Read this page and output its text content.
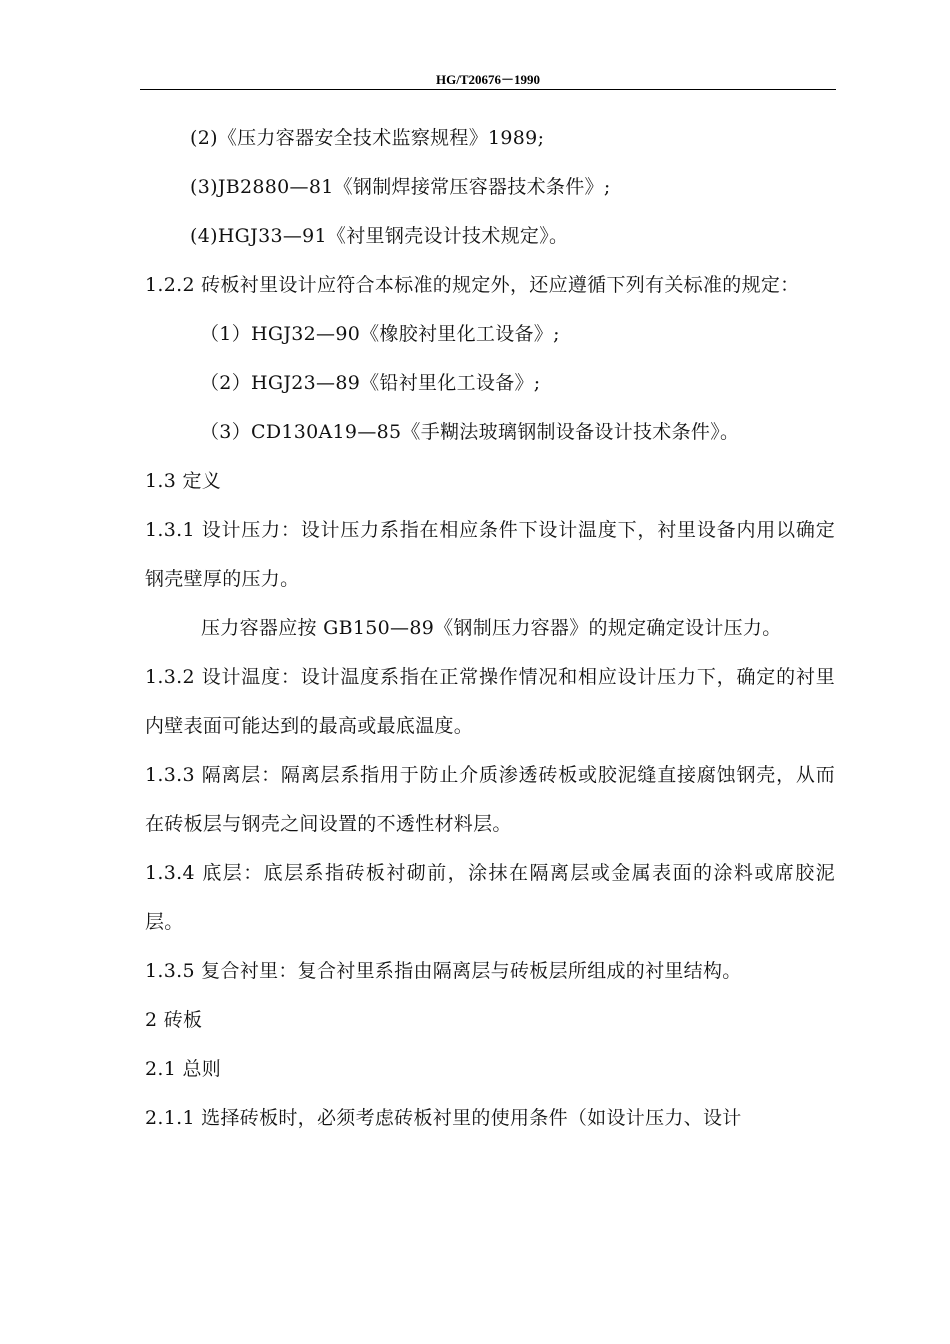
HG/T20676－1990
(2)《压力容器安全技术监察规程》1989;
(3)JB2880—81《钢制焊接常压容器技术条件》;
(4)HGJ33—91《衬里钢壳设计技术规定》。
1.2.2 砖板衬里设计应符合本标准的规定外，还应遵循下列有关标准的规定：
（1）HGJ32—90《橡胶衬里化工设备》;
（2）HGJ23—89《铅衬里化工设备》;
（3）CD130A19—85《手糊法玻璃钢制设备设计技术条件》。
1.3 定义
1.3.1 设计压力：设计压力系指在相应条件下设计温度下，衬里设备内用以确定钢壳壁厚的压力。
压力容器应按 GB150—89《钢制压力容器》的规定确定设计压力。
1.3.2 设计温度：设计温度系指在正常操作情况和相应设计压力下，确定的衬里内壁表面可能达到的最高或最底温度。
1.3.3 隔离层：隔离层系指用于防止介质渗透砖板或胶泥缝直接腐蚀钢壳，从而在砖板层与钢壳之间设置的不透性材料层。
1.3.4 底层：底层系指砖板衬砌前，涂抹在隔离层或金属表面的涂料或席胶泥层。
1.3.5 复合衬里：复合衬里系指由隔离层与砖板层所组成的衬里结构。
2 砖板
2.1 总则
2.1.1 选择砖板时，必须考虑砖板衬里的使用条件（如设计压力、设计
